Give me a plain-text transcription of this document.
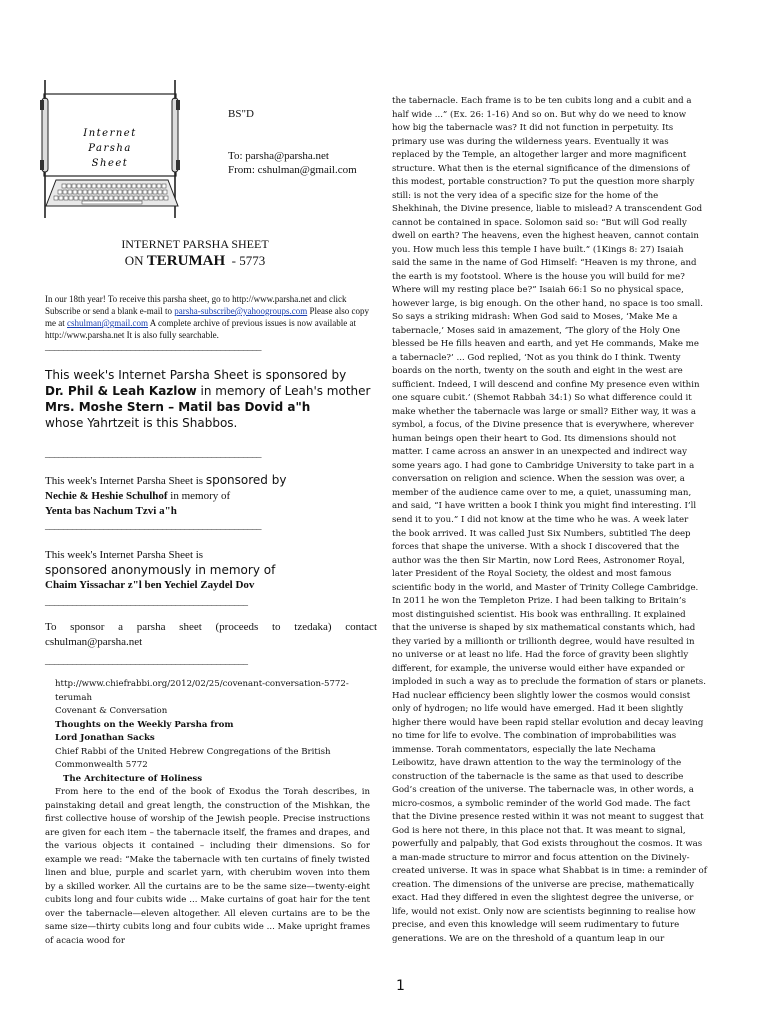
Internet
Parsha
Sheet
BS"D
To: parsha@parsha.net
From: cshulman@gmail.com
INTERNET PARSHA SHEET
ON TERUMAH - 5773
In our 18th year! To receive this parsha sheet, go to http://www.parsha.net and click Subscribe or send a blank e-mail to parsha-subscribe@yahoogroups.com Please also copy me at cshulman@gmail.com A complete archive of previous issues is now available at http://www.parsha.net It is also fully searchable.
________________________________________________
This week's Internet Parsha Sheet is sponsored by
Dr. Phil & Leah Kazlow in memory of Leah's mother
Mrs. Moshe Stern – Matil bas Dovid a"h
whose Yahrtzeit is this Shabbos.
________________________________________________
This week's Internet Parsha Sheet is sponsored by
Nechie & Heshie Schulhof in memory of
Yenta bas Nachum Tzvi a"h
________________________________________________
This week's Internet Parsha Sheet is
sponsored anonymously in memory of
Chaim Yissachar z"l ben Yechiel Zaydel Dov
_____________________________________________
To sponsor a parsha sheet (proceeds to tzedaka) contact cshulman@parsha.net
_____________________________________________
http://www.chiefrabbi.org/2012/02/25/covenant-conversation-5772-terumah
Covenant & Conversation
Thoughts on the Weekly Parsha from
Lord Jonathan Sacks
Chief Rabbi of the United Hebrew Congregations of the British Commonwealth 5772
The Architecture of Holiness
From here to the end of the book of Exodus the Torah describes, in painstaking detail and great length, the construction of the Mishkan, the first collective house of worship of the Jewish people. Precise instructions are given for each item – the tabernacle itself, the frames and drapes, and the various objects it contained – including their dimensions. So for example we read: “Make the tabernacle with ten curtains of finely twisted linen and blue, purple and scarlet yarn, with cherubim woven into them by a skilled worker. All the curtains are to be the same size—twenty-eight cubits long and four cubits wide ... Make curtains of goat hair for the tent over the tabernacle—eleven altogether. All eleven curtains are to be the same size—thirty cubits long and four cubits wide ... Make upright frames of acacia wood for
the tabernacle. Each frame is to be ten cubits long and a cubit and a
half wide ...” (Ex. 26: 1-16) And so on. But why do we need to know
how big the tabernacle was? It did not function in perpetuity. Its
primary use was during the wilderness years. Eventually it was
replaced by the Temple, an altogether larger and more magnificent
structure. What then is the eternal significance of the dimensions of
this modest, portable construction? To put the question more sharply
still: is not the very idea of a specific size for the home of the
Shekhinah, the Divine presence, liable to mislead? A transcendent God
cannot be contained in space. Solomon said so: “But will God really
dwell on earth? The heavens, even the highest heaven, cannot contain
you. How much less this temple I have built.” (1Kings 8: 27) Isaiah
said the same in the name of God Himself: “Heaven is my throne, and
the earth is my footstool. Where is the house you will build for me?
Where will my resting place be?” Isaiah 66:1 So no physical space,
however large, is big enough. On the other hand, no space is too small.
So says a striking midrash: When God said to Moses, ‘Make Me a
tabernacle,’ Moses said in amazement, ‘The glory of the Holy One
blessed be He fills heaven and earth, and yet He commands, Make me
a tabernacle?’ ... God replied, ‘Not as you think do I think. Twenty
boards on the north, twenty on the south and eight in the west are
sufficient. Indeed, I will descend and confine My presence even within
one square cubit.’ (Shemot Rabbah 34:1) So what difference could it
make whether the tabernacle was large or small? Either way, it was a
symbol, a focus, of the Divine presence that is everywhere, wherever
human beings open their heart to God. Its dimensions should not
matter. I came across an answer in an unexpected and indirect way
some years ago. I had gone to Cambridge University to take part in a
conversation on religion and science. When the session was over, a
member of the audience came over to me, a quiet, unassuming man,
and said, “I have written a book I think you might find interesting. I’ll
send it to you.” I did not know at the time who he was. A week later
the book arrived. It was called Just Six Numbers, subtitled The deep
forces that shape the universe. With a shock I discovered that the
author was the then Sir Martin, now Lord Rees, Astronomer Royal,
later President of the Royal Society, the oldest and most famous
scientific body in the world, and Master of Trinity College Cambridge.
In 2011 he won the Templeton Prize. I had been talking to Britain’s
most distinguished scientist. His book was enthralling. It explained
that the universe is shaped by six mathematical constants which, had
they varied by a millionth or trillionth degree, would have resulted in
no universe or at least no life. Had the force of gravity been slightly
different, for example, the universe would either have expanded or
imploded in such a way as to preclude the formation of stars or planets.
Had nuclear efficiency been slightly lower the cosmos would consist
only of hydrogen; no life would have emerged. Had it been slightly
higher there would have been rapid stellar evolution and decay leaving
no time for life to evolve. The combination of improbabilities was
immense. Torah commentators, especially the late Nechama
Leibowitz, have drawn attention to the way the terminology of the
construction of the tabernacle is the same as that used to describe
God’s creation of the universe. The tabernacle was, in other words, a
micro-cosmos, a symbolic reminder of the world God made. The fact
that the Divine presence rested within it was not meant to suggest that
God is here not there, in this place not that. It was meant to signal,
powerfully and palpably, that God exists throughout the cosmos. It was
a man-made structure to mirror and focus attention on the Divinely-
created universe. It was in space what Shabbat is in time: a reminder of
creation. The dimensions of the universe are precise, mathematically
exact. Had they differed in even the slightest degree the universe, or
life, would not exist. Only now are scientists beginning to realise how
precise, and even this knowledge will seem rudimentary to future
generations. We are on the threshold of a quantum leap in our
1
